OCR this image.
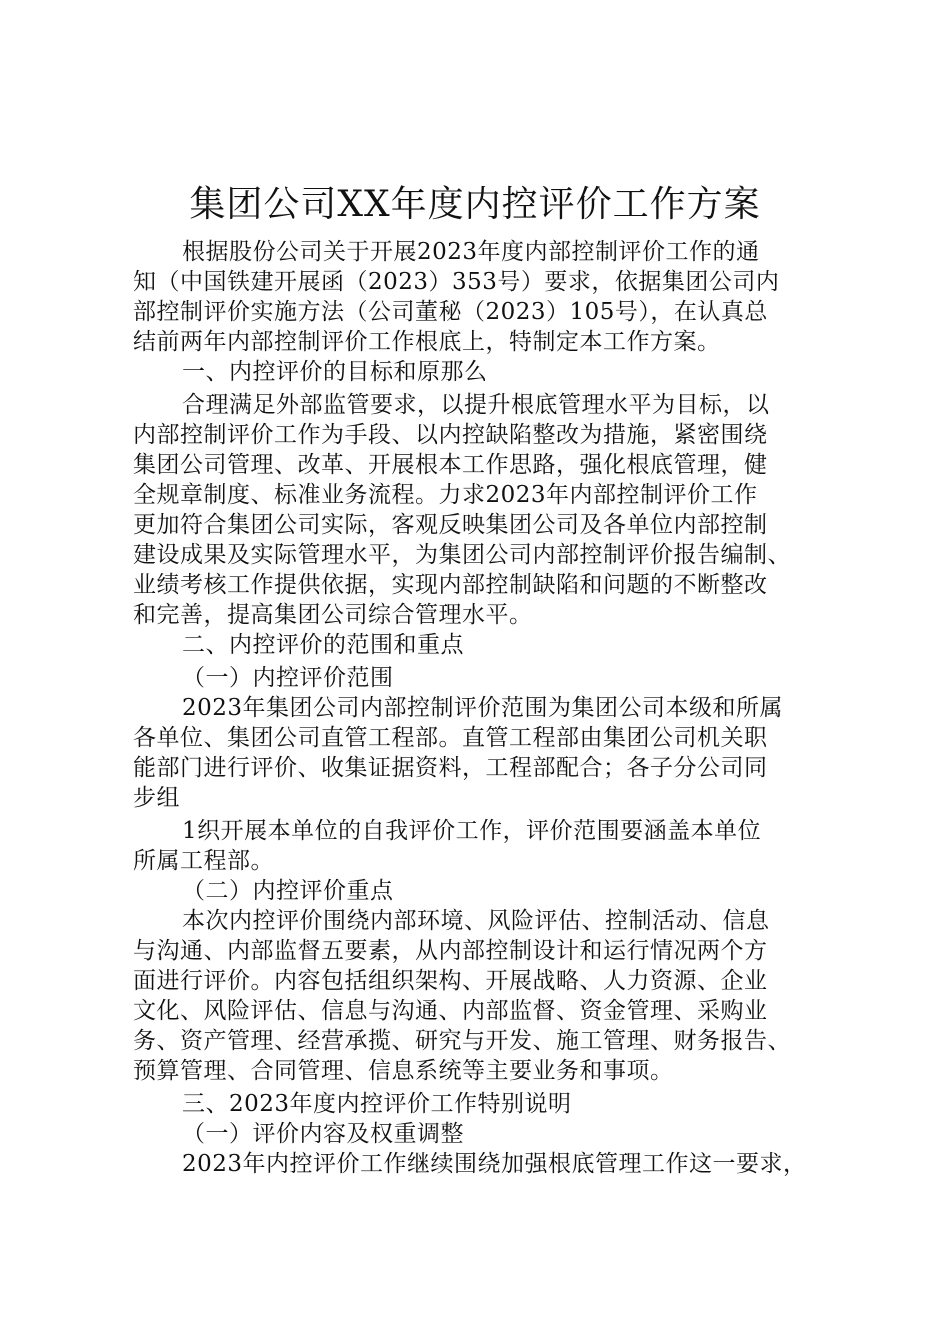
集团公司XX年度内控评价工作方案
根据股份公司关于开展2023年度内部控制评价工作的通
知（中国铁建开展函（2023）353号）要求，依据集团公司内
部控制评价实施方法（公司董秘（2023）105号），在认真总
结前两年内部控制评价工作根底上，特制定本工作方案。
一、内控评价的目标和原那么
合理满足外部监管要求，以提升根底管理水平为目标，以
内部控制评价工作为手段、以内控缺陷整改为措施，紧密围绕
集团公司管理、改革、开展根本工作思路，强化根底管理，健
全规章制度、标准业务流程。力求2023年内部控制评价工作
更加符合集团公司实际，客观反映集团公司及各单位内部控制
建设成果及实际管理水平，为集团公司内部控制评价报告编制、
业绩考核工作提供依据，实现内部控制缺陷和问题的不断整改
和完善，提高集团公司综合管理水平。
二、内控评价的范围和重点
（一）内控评价范围
2023年集团公司内部控制评价范围为集团公司本级和所属
各单位、集团公司直管工程部。直管工程部由集团公司机关职
能部门进行评价、收集证据资料，工程部配合；各子分公司同
步组
1织开展本单位的自我评价工作，评价范围要涵盖本单位
所属工程部。
（二）内控评价重点
本次内控评价围绕内部环境、风险评估、控制活动、信息
与沟通、内部监督五要素，从内部控制设计和运行情况两个方
面进行评价。内容包括组织架构、开展战略、人力资源、企业
文化、风险评估、信息与沟通、内部监督、资金管理、采购业
务、资产管理、经营承揽、研究与开发、施工管理、财务报告、
预算管理、合同管理、信息系统等主要业务和事项。
三、2023年度内控评价工作特别说明
（一）评价内容及权重调整
2023年内控评价工作继续围绕加强根底管理工作这一要求，
